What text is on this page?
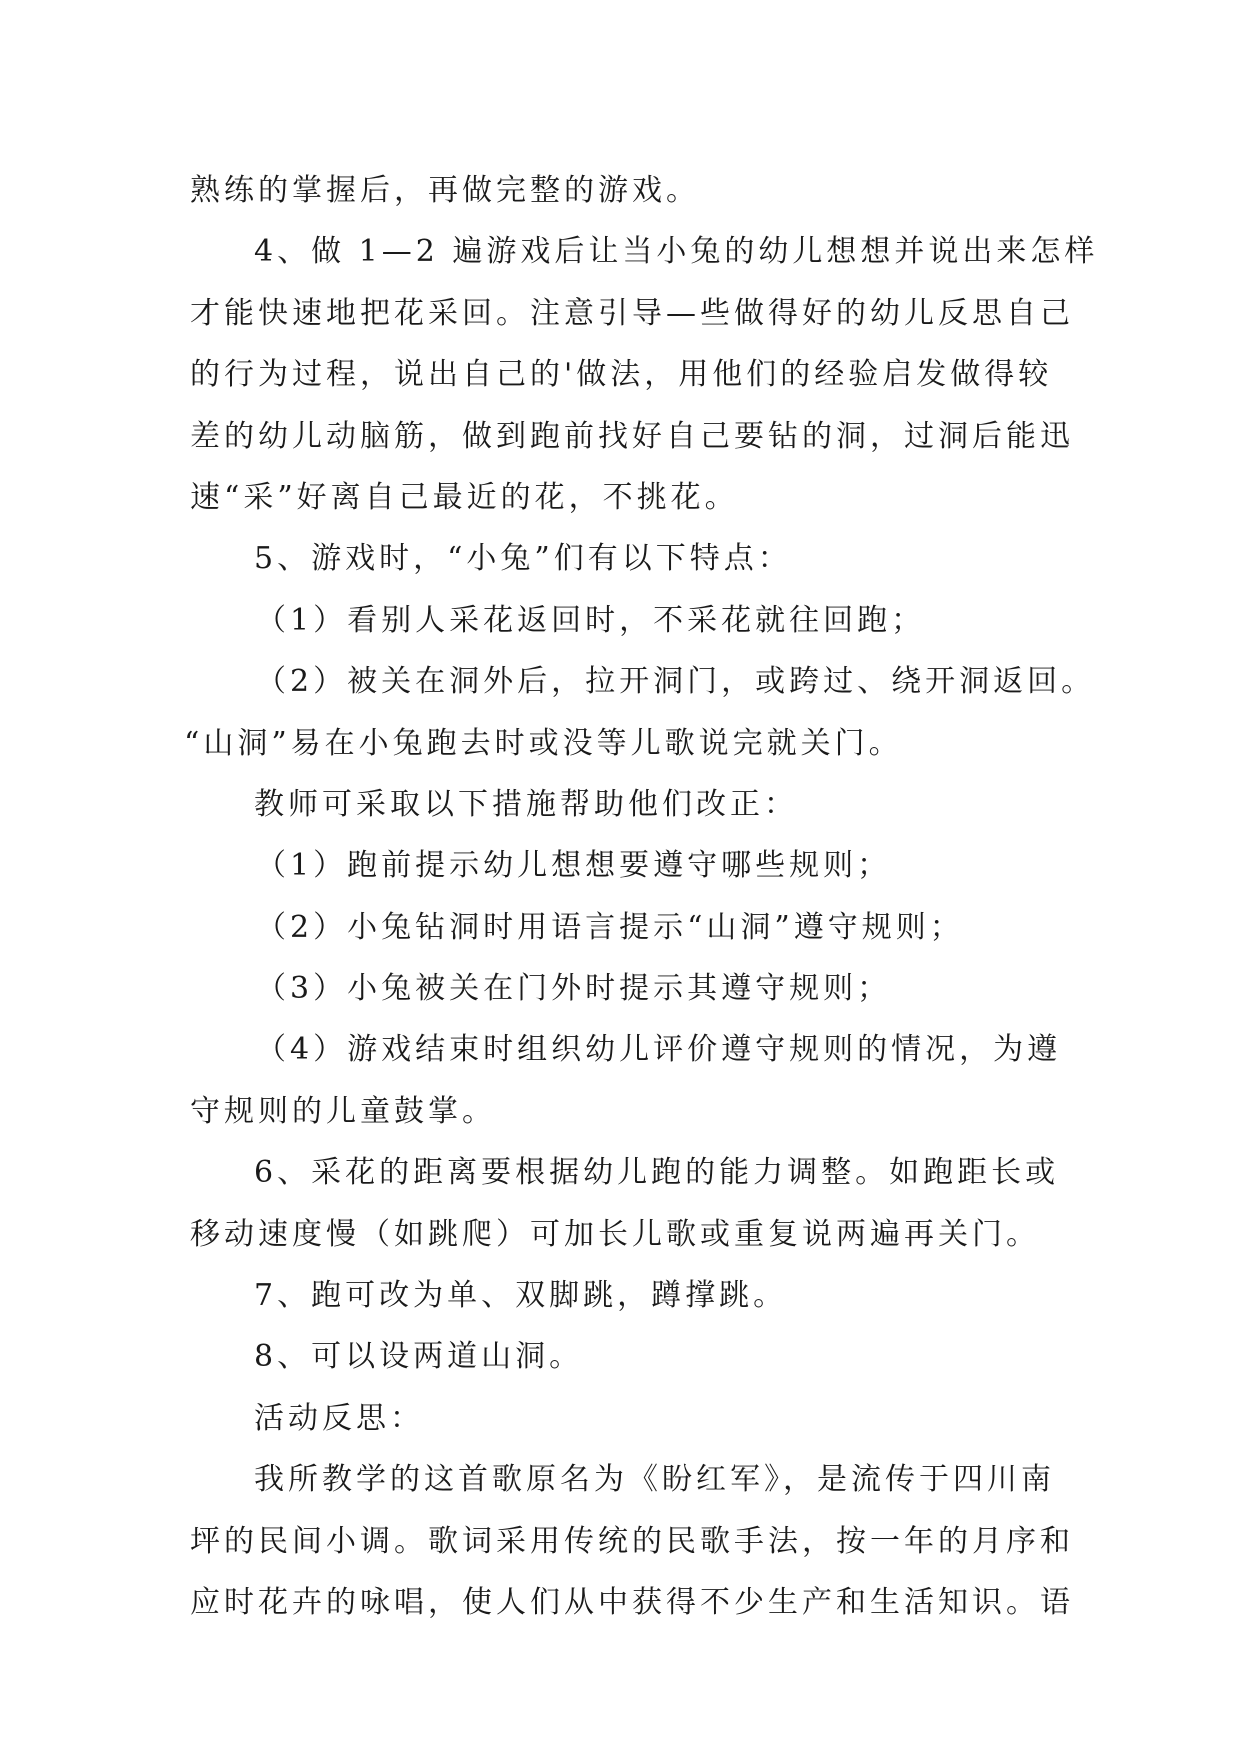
熟练的掌握后，再做完整的游戏。
4、做 1—2 遍游戏后让当小兔的幼儿想想并说出来怎样
才能快速地把花采回。注意引导—些做得好的幼儿反思自己
的行为过程，说出自己的'做法，用他们的经验启发做得较
差的幼儿动脑筋，做到跑前找好自己要钻的洞，过洞后能迅
速“采”好离自己最近的花，不挑花。
5、游戏时，“小兔”们有以下特点：
（1）看别人采花返回时，不采花就往回跑；
（2）被关在洞外后，拉开洞门，或跨过、绕开洞返回。
“山洞”易在小兔跑去时或没等儿歌说完就关门。
教师可采取以下措施帮助他们改正：
（1）跑前提示幼儿想想要遵守哪些规则；
（2）小兔钻洞时用语言提示“山洞”遵守规则；
（3）小兔被关在门外时提示其遵守规则；
（4）游戏结束时组织幼儿评价遵守规则的情况，为遵
守规则的儿童鼓掌。
6、采花的距离要根据幼儿跑的能力调整。如跑距长或
移动速度慢（如跳爬）可加长儿歌或重复说两遍再关门。
7、跑可改为单、双脚跳，蹲撑跳。
8、可以设两道山洞。
活动反思：
我所教学的这首歌原名为《盼红军》，是流传于四川南
坪的民间小调。歌词采用传统的民歌手法，按一年的月序和
应时花卉的咏唱，使人们从中获得不少生产和生活知识。语
